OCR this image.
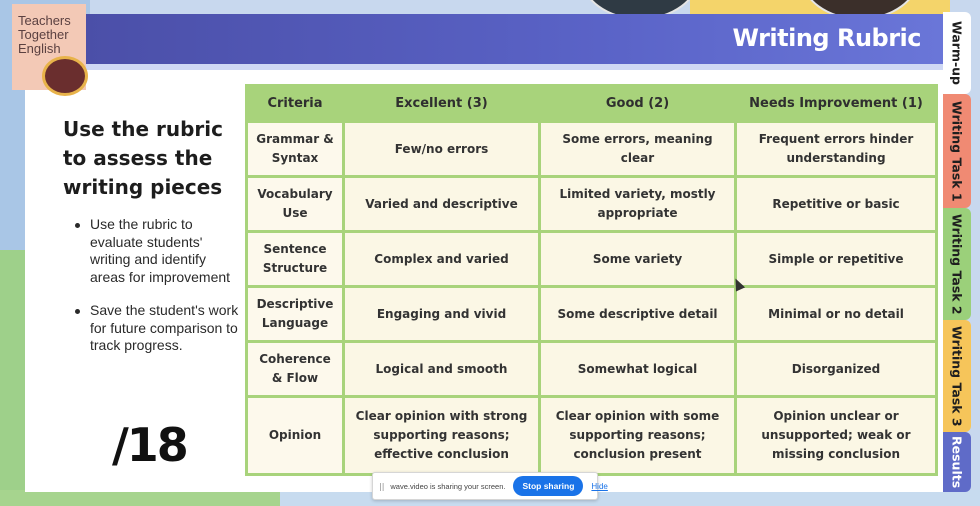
Writing Rubric
Teachers Together English
Use the rubric to assess the writing pieces
Use the rubric to evaluate students' writing and identify areas for improvement
Save the student's work for future comparison to track progress.
/18
Criteria	Excellent (3)	Good (2)	Needs Improvement (1)
Grammar & Syntax	Few/no errors	Some errors, meaning clear	Frequent errors hinder understanding
Vocabulary Use	Varied and descriptive	Limited variety, mostly appropriate	Repetitive or basic
Sentence Structure	Complex and varied	Some variety	Simple or repetitive
Descriptive Language	Engaging and vivid	Some descriptive detail	Minimal or no detail
Coherence & Flow	Logical and smooth	Somewhat logical	Disorganized
Opinion	Clear opinion with strong supporting reasons; effective conclusion	Clear opinion with some supporting reasons; conclusion present	Opinion unclear or unsupported; weak or missing conclusion
Warm-up
Writing Task 1
Writing Task 2
Writing Task 3
Results
|| wave.video is sharing your screen.	Stop sharing	Hide
